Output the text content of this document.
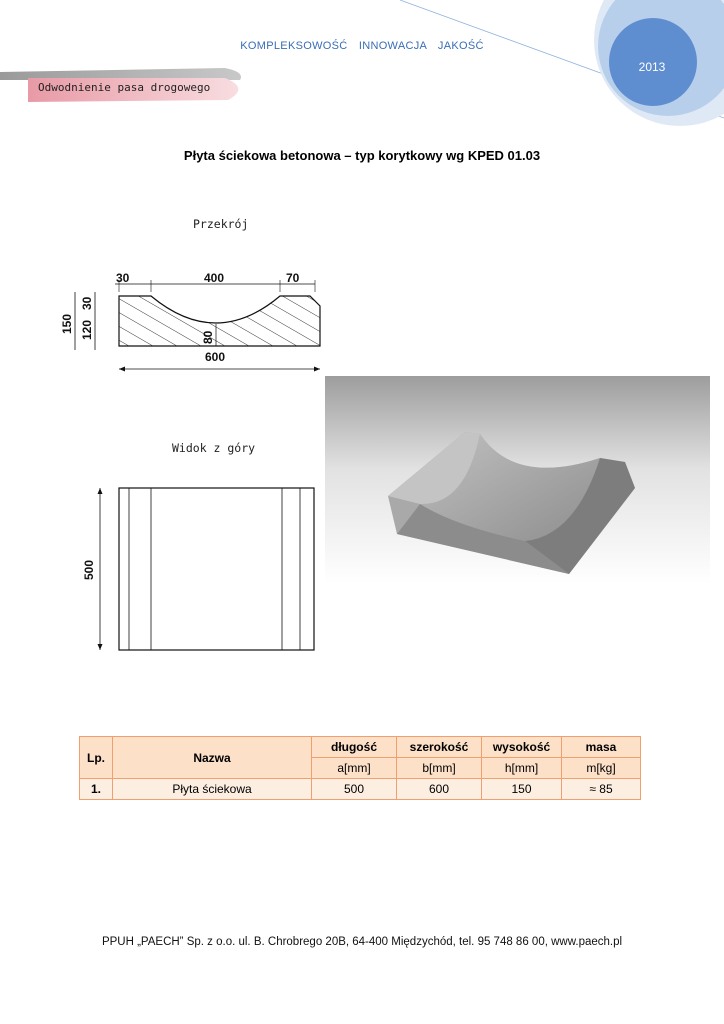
KOMPLEKSOWOŚĆ INNOWACJA JAKOŚĆ
2013
Odwodnienie pasa drogowego
Płyta ściekowa betonowa – typ korytkowy wg KPED 01.03
Przekrój
30	400	70
150 120
30
80
600
Widok z góry
500
Lp.	Nazwa	długość	szerokość	wysokość	masa
		a[mm]	b[mm]	h[mm]	m[kg]
1.	Płyta ściekowa	500	600	150	≈ 85
PPUH „PAECH” Sp. z o.o. ul. B. Chrobrego 20B, 64-400 Międzychód, tel. 95 748 86 00, www.paech.pl
